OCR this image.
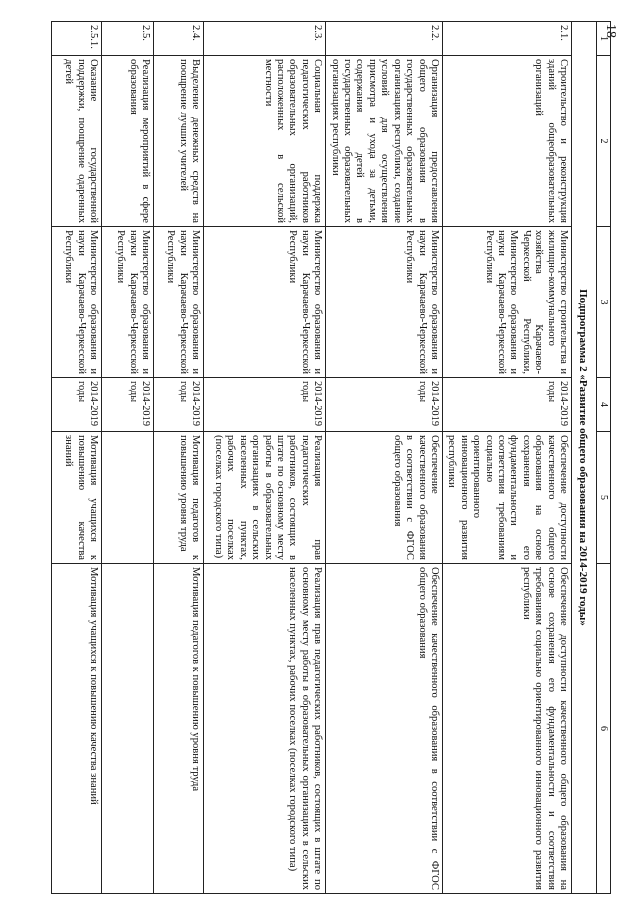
18
1	2	3	4	5	6
Подпрограмма 2 «Развитие общего образования на 2014-2019 годы»					
2.1.	Строительство и реконструкция зданий общеобразовательных организаций	Министерство строительства и жилищно-коммунального хозяйства Карачаево-Черкесской Республики, Министерство образования и науки Карачаево-Черкесской Республики	2014-2019 годы	Обеспечение доступности качественного общего образования на основе сохранения его фундаментальности и соответствия требованиям социально ориентированного инновационного развития республики	Обеспечение доступности качественного общего образования на основе сохранения его фундаментальности и соответствия требованиям социально ориентированного инновационного развития республики
2.2.	Организация предоставления общего образования в государственных образовательных организациях республики, создание условий для осуществления присмотра и ухода за детьми, содержания детей в государственных образовательных организациях республики	Министерство образования и науки Карачаево-Черкесской Республики	2014-2019 годы	Обеспечение качественного образования в соответствии с ФГОС общего образования	Обеспечение качественного образования в соответствии с ФГОС общего образования
2.3.	Социальная поддержка педагогических работников образовательных организаций, расположенных в сельской местности	Министерство образования и науки Карачаево-Черкесской Республики	2014-2019 годы	Реализация прав педагогических работников, состоящих в штате по основному месту работы в образовательных организациях в сельских населенных пунктах, рабочих поселках (поселках городского типа)	Реализация прав педагогических работников, состоящих в штате по основному месту работы в образовательных организациях в сельских населенных пунктах, рабочих поселках (поселках городского типа)
2.4.	Выделение денежных средств на поощрение лучших учителей	Министерство образования и науки Карачаево-Черкесской Республики	2014-2019 годы	Мотивация педагогов к повышению уровня труда	Мотивация педагогов к повышению уровня труда
2.5.	Реализация мероприятий в сфере образования	Министерство образования и науки Карачаево-Черкесской Республики	2014-2019 годы		
2.5.1.	Оказание государственной поддержки, поощрение одаренных детей	Министерство образования и науки Карачаево-Черкесской Республики	2014-2019 годы	Мотивация учащихся к повышению качества знаний	Мотивация учащихся к повышению качества знаний
